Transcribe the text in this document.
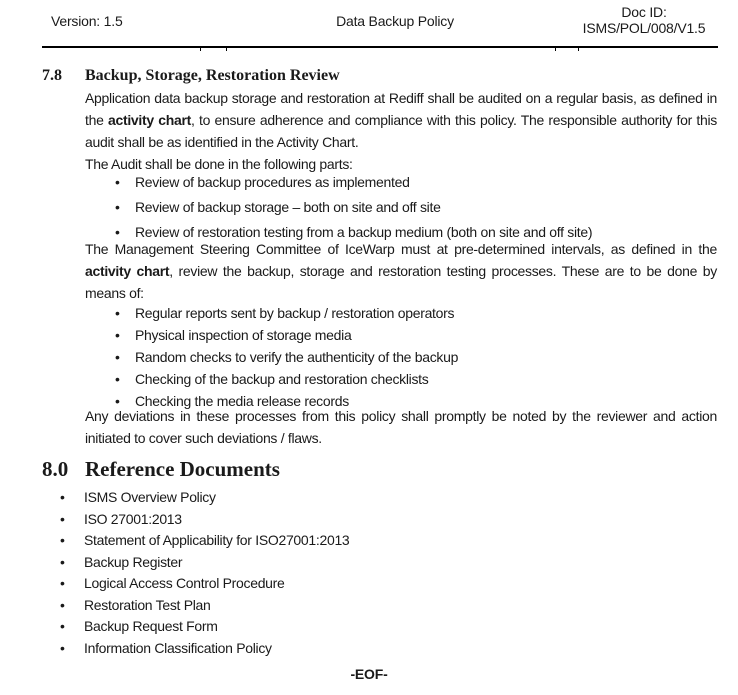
Version: 1.5	Data Backup Policy
Doc ID:
ISMS/POL/008/V1.5
7.8	Backup, Storage, Restoration Review

Application data backup storage and restoration at Rediff shall be audited on a regular basis, as defined in the activity chart, to ensure adherence and compliance with this policy. The responsible authority for this audit shall be as identified in the Activity Chart.

The Audit shall be done in the following parts:

•
Review of backup procedures as implemented
•
Review of backup storage – both on site and off site
•
Review of restoration testing from a backup medium (both on site and off site)

The Management Steering Committee of IceWarp must at pre-determined intervals, as defined in the activity chart, review the backup, storage and restoration testing processes. These are to be done by means of:

•
Regular reports sent by backup / restoration operators
•
Physical inspection of storage media
•
Random checks to verify the authenticity of the backup
•
Checking of the backup and restoration checklists
•
Checking the media release records

Any deviations in these processes from this policy shall promptly be noted by the reviewer and action initiated to cover such deviations / flaws.

8.0 Reference Documents
•
ISMS Overview Policy
•
ISO 27001:2013
•
Statement of Applicability for ISO27001:2013
•
Backup Register
•
Logical Access Control Procedure
•
Restoration Test Plan
•
Backup Request Form
•
Information Classification Policy
-EOF-
